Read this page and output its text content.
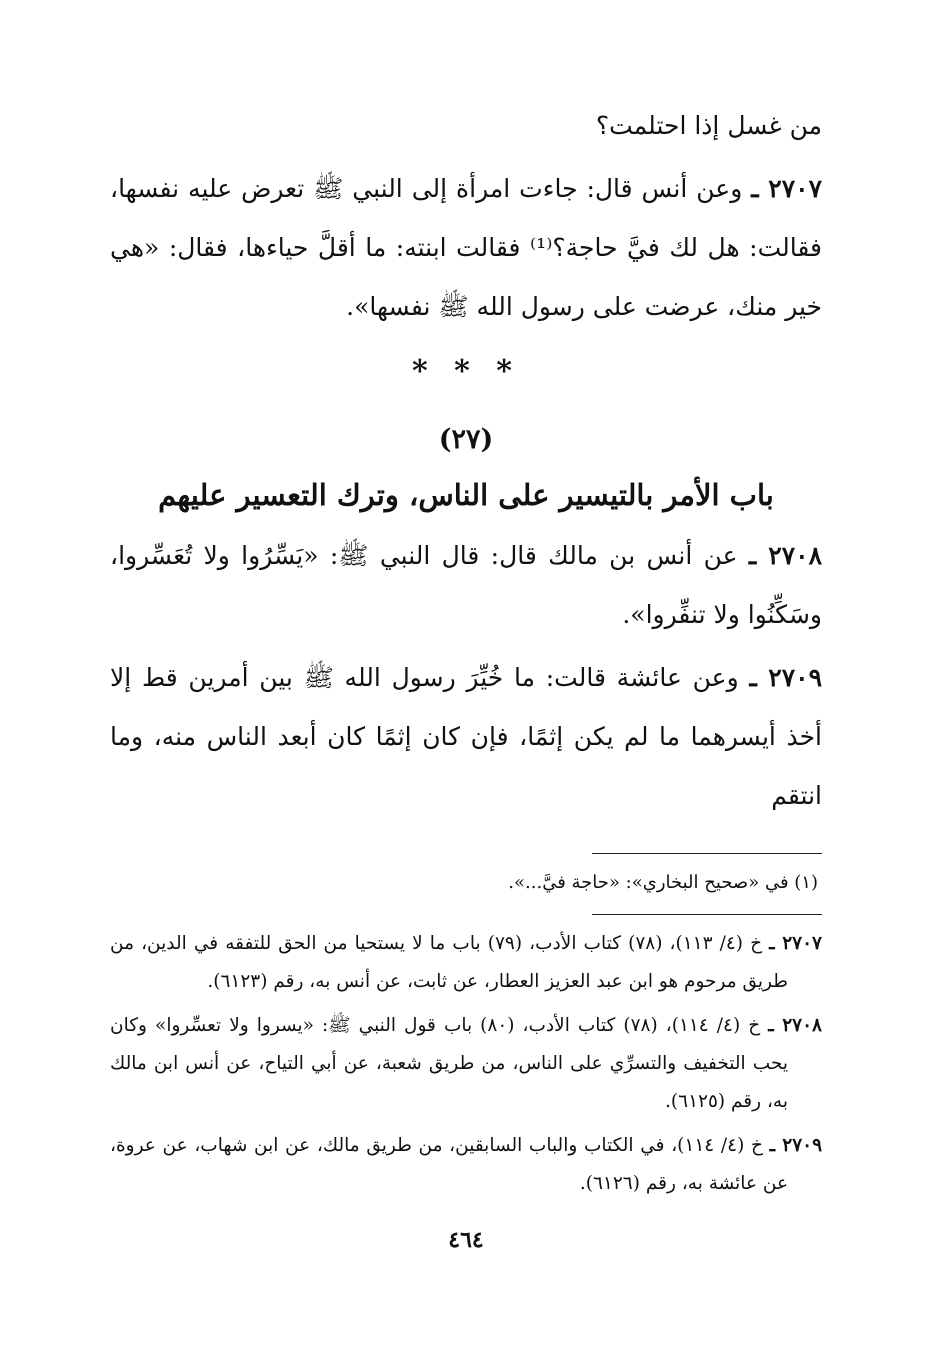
من غسل إذا احتلمت؟

٢٧٠٧ ـ وعن أنس قال: جاءت امرأة إلى النبي ﷺ تعرض عليه نفسها، فقالت: هل لك فيَّ حاجة؟⁽¹⁾ فقالت ابنته: ما أقلَّ حياءها، فقال: «هي خير منك، عرضت على رسول الله ﷺ نفسها».

* * *
(٢٧)
باب الأمر بالتيسير على الناس، وترك التعسير عليهم

٢٧٠٨ ـ عن أنس بن مالك قال: قال النبي ﷺ: «يَسِّرُوا ولا تُعَسِّروا، وسَكِّنُوا ولا تنفِّروا».

٢٧٠٩ ـ وعن عائشة قالت: ما خُيِّرَ رسول الله ﷺ بين أمرين قط إلا أخذ أيسرهما ما لم يكن إثمًا، فإن كان إثمًا كان أبعد الناس منه، وما انتقم

(١) في «صحيح البخاري»: «حاجة فيَّ...».

٢٧٠٧ ـ خ (٤/ ١١٣)، (٧٨) كتاب الأدب، (٧٩) باب ما لا يستحيا من الحق للتفقه في الدين، من طريق مرحوم هو ابن عبد العزيز العطار، عن ثابت، عن أنس به، رقم (٦١٢٣).

٢٧٠٨ ـ خ (٤/ ١١٤)، (٧٨) كتاب الأدب، (٨٠) باب قول النبي ﷺ: «يسروا ولا تعسِّروا» وكان يحب التخفيف والتسرِّي على الناس، من طريق شعبة، عن أبي التياح، عن أنس ابن مالك به، رقم (٦١٢٥).

٢٧٠٩ ـ خ (٤/ ١١٤)، في الكتاب والباب السابقين، من طريق مالك، عن ابن شهاب، عن عروة، عن عائشة به، رقم (٦١٢٦).

٤٦٤
